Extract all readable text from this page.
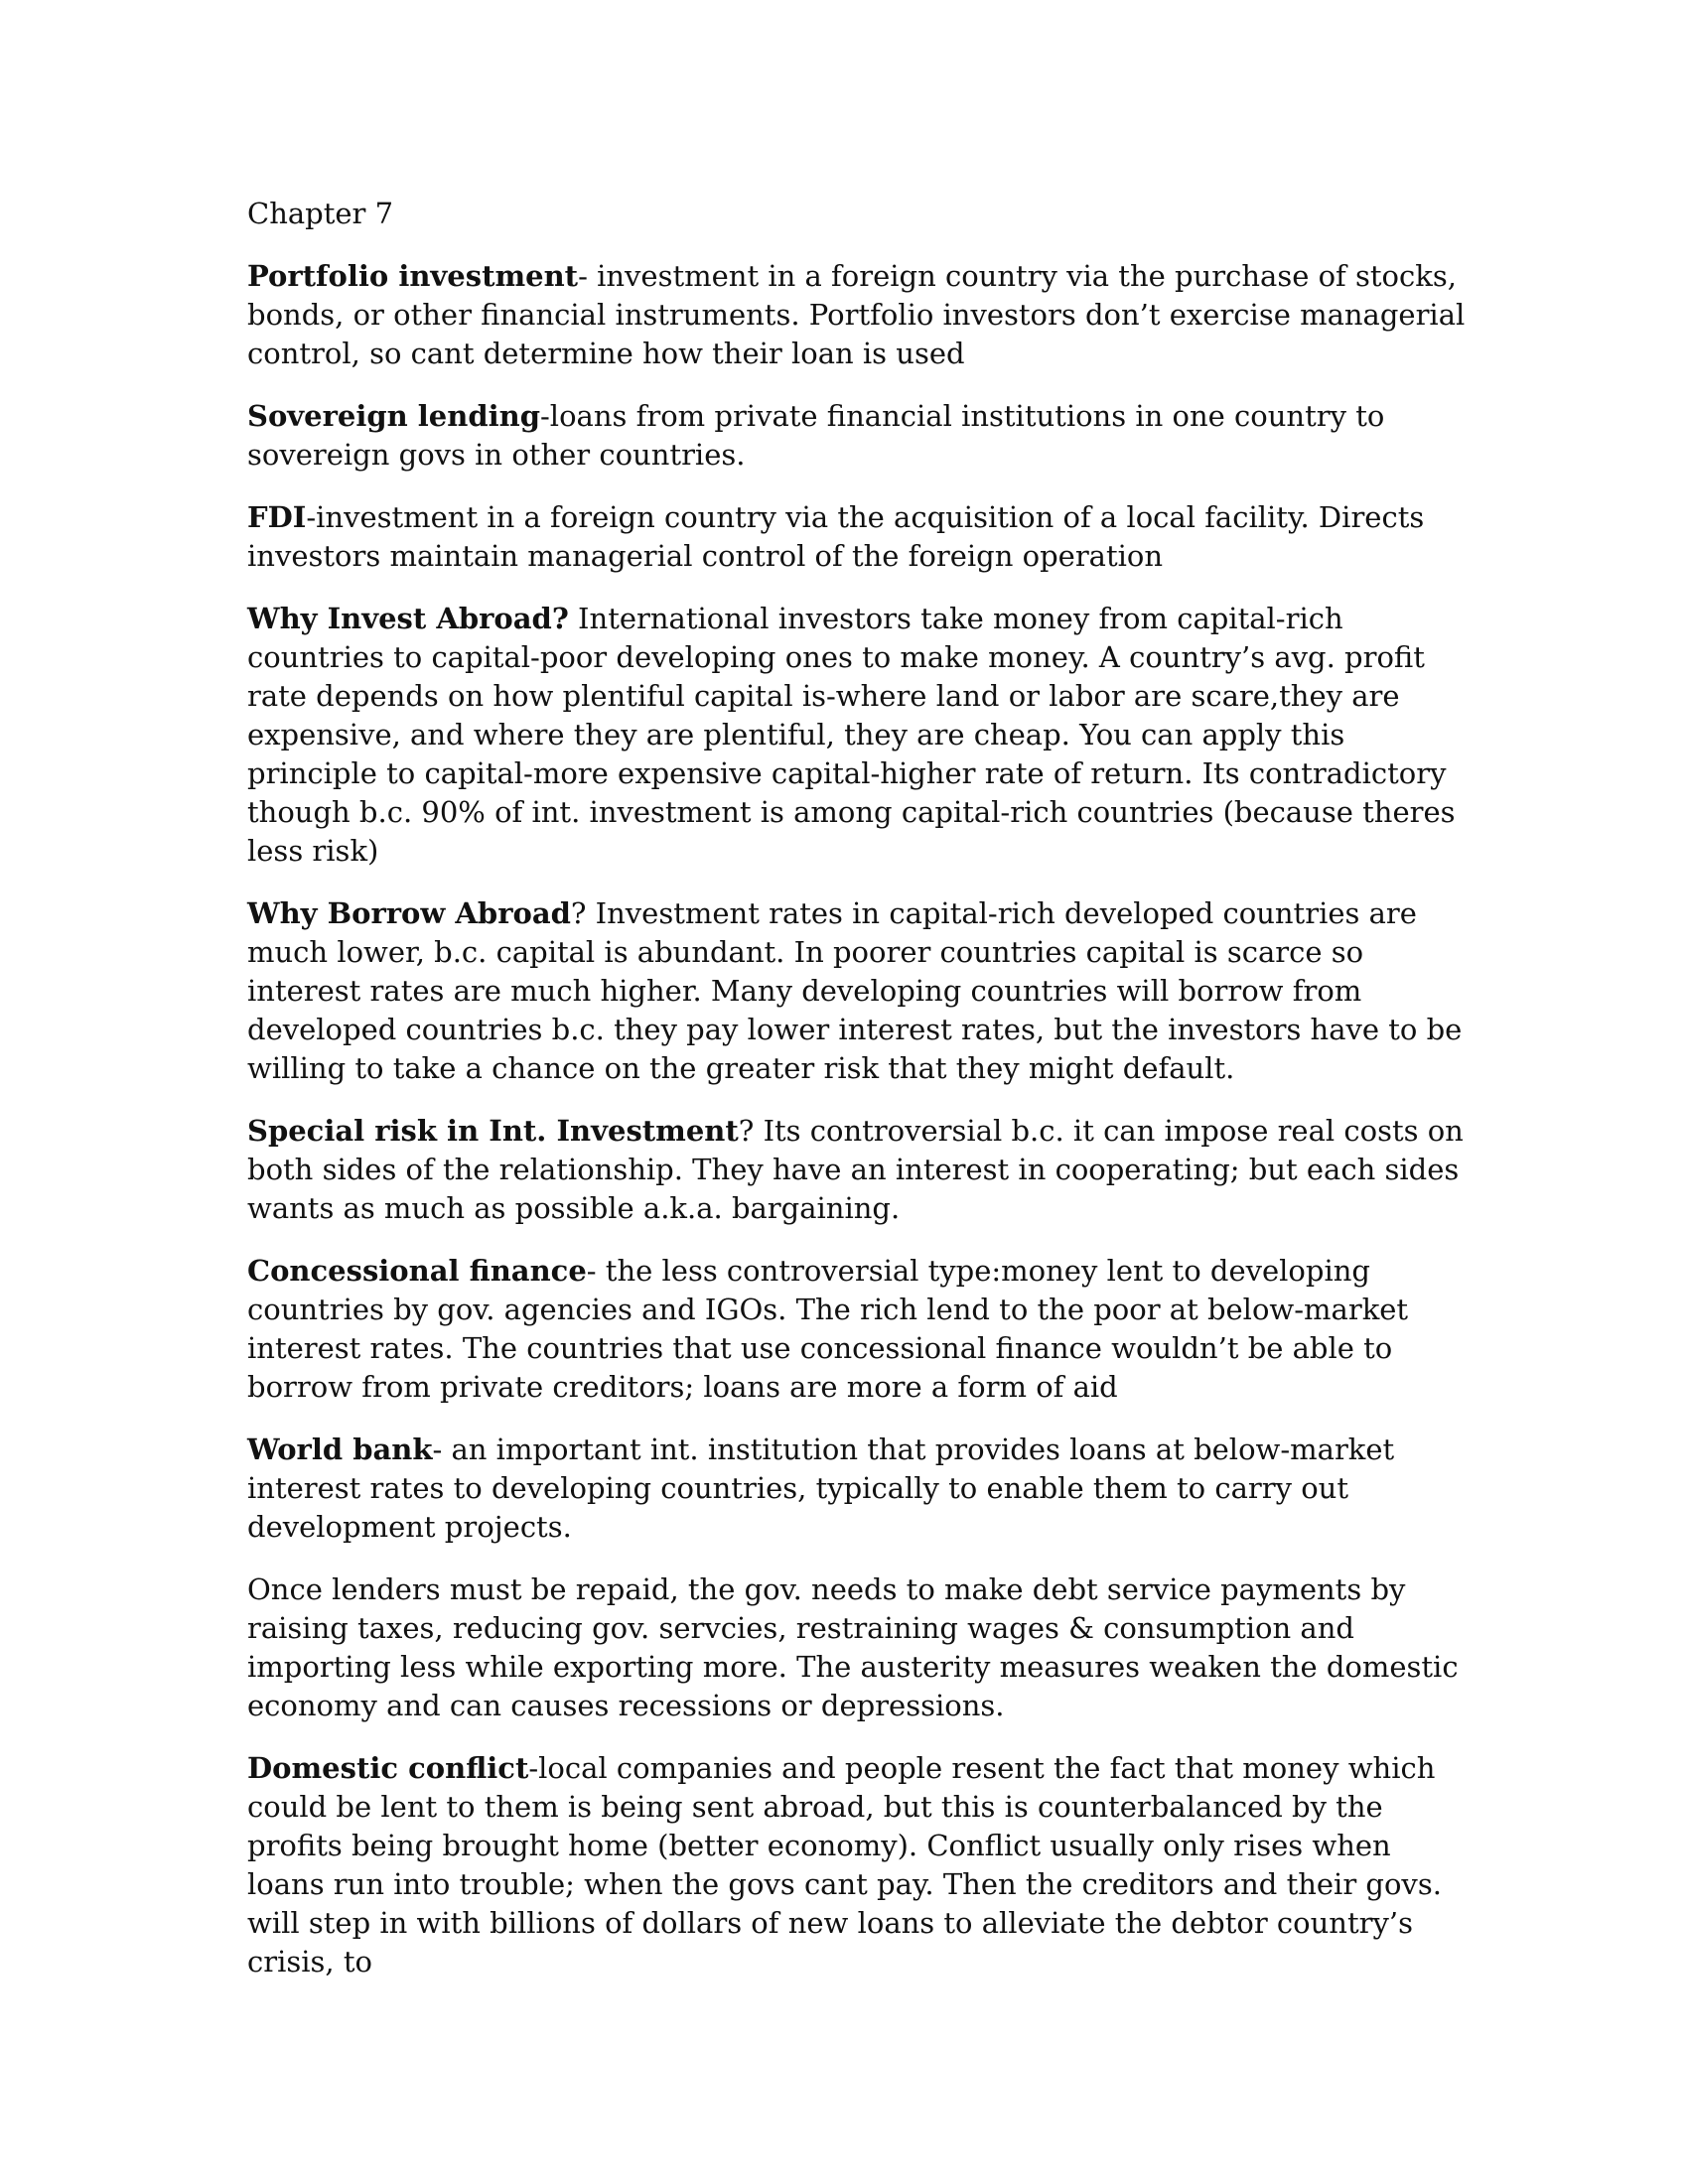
Chapter 7

Portfolio investment- investment in a foreign country via the purchase of stocks, bonds, or other financial instruments. Portfolio investors don’t exercise managerial control, so cant determine how their loan is used

Sovereign lending-loans from private financial institutions in one country to sovereign govs in other countries.

FDI-investment in a foreign country via the acquisition of a local facility. Directs investors maintain managerial control of the foreign operation

Why Invest Abroad? International investors take money from capital-rich countries to capital-poor developing ones to make money. A country’s avg. profit rate depends on how plentiful capital is-where land or labor are scare,they are expensive, and where they are plentiful, they are cheap. You can apply this principle to capital-more expensive capital-higher rate of return. Its contradictory though b.c. 90% of int. investment is among capital-rich countries (because theres less risk)

Why Borrow Abroad? Investment rates in capital-rich developed countries are much lower, b.c. capital is abundant. In poorer countries capital is scarce so interest rates are much higher. Many developing countries will borrow from developed countries b.c. they pay lower interest rates, but the investors have to be willing to take a chance on the greater risk that they might default.

Special risk in Int. Investment? Its controversial b.c. it can impose real costs on both sides of the relationship. They have an interest in cooperating; but each sides wants as much as possible a.k.a. bargaining.

Concessional finance- the less controversial type:money lent to developing countries by gov. agencies and IGOs. The rich lend to the poor at below-market interest rates. The countries that use concessional finance wouldn’t be able to borrow from private creditors; loans are more a form of aid

World bank- an important int. institution that provides loans at below-market interest rates to developing countries, typically to enable them to carry out development projects.

Once lenders must be repaid, the gov. needs to make debt service payments by raising taxes, reducing gov. servcies, restraining wages & consumption and importing less while exporting more. The austerity measures weaken the domestic economy and can causes recessions or depressions.

Domestic conflict-local companies and people resent the fact that money which could be lent to them is being sent abroad, but this is counterbalanced by the profits being brought home (better economy). Conflict usually only rises when loans run into trouble; when the govs cant pay. Then the creditors and their govs. will step in with billions of dollars of new loans to alleviate the debtor country’s crisis, to
